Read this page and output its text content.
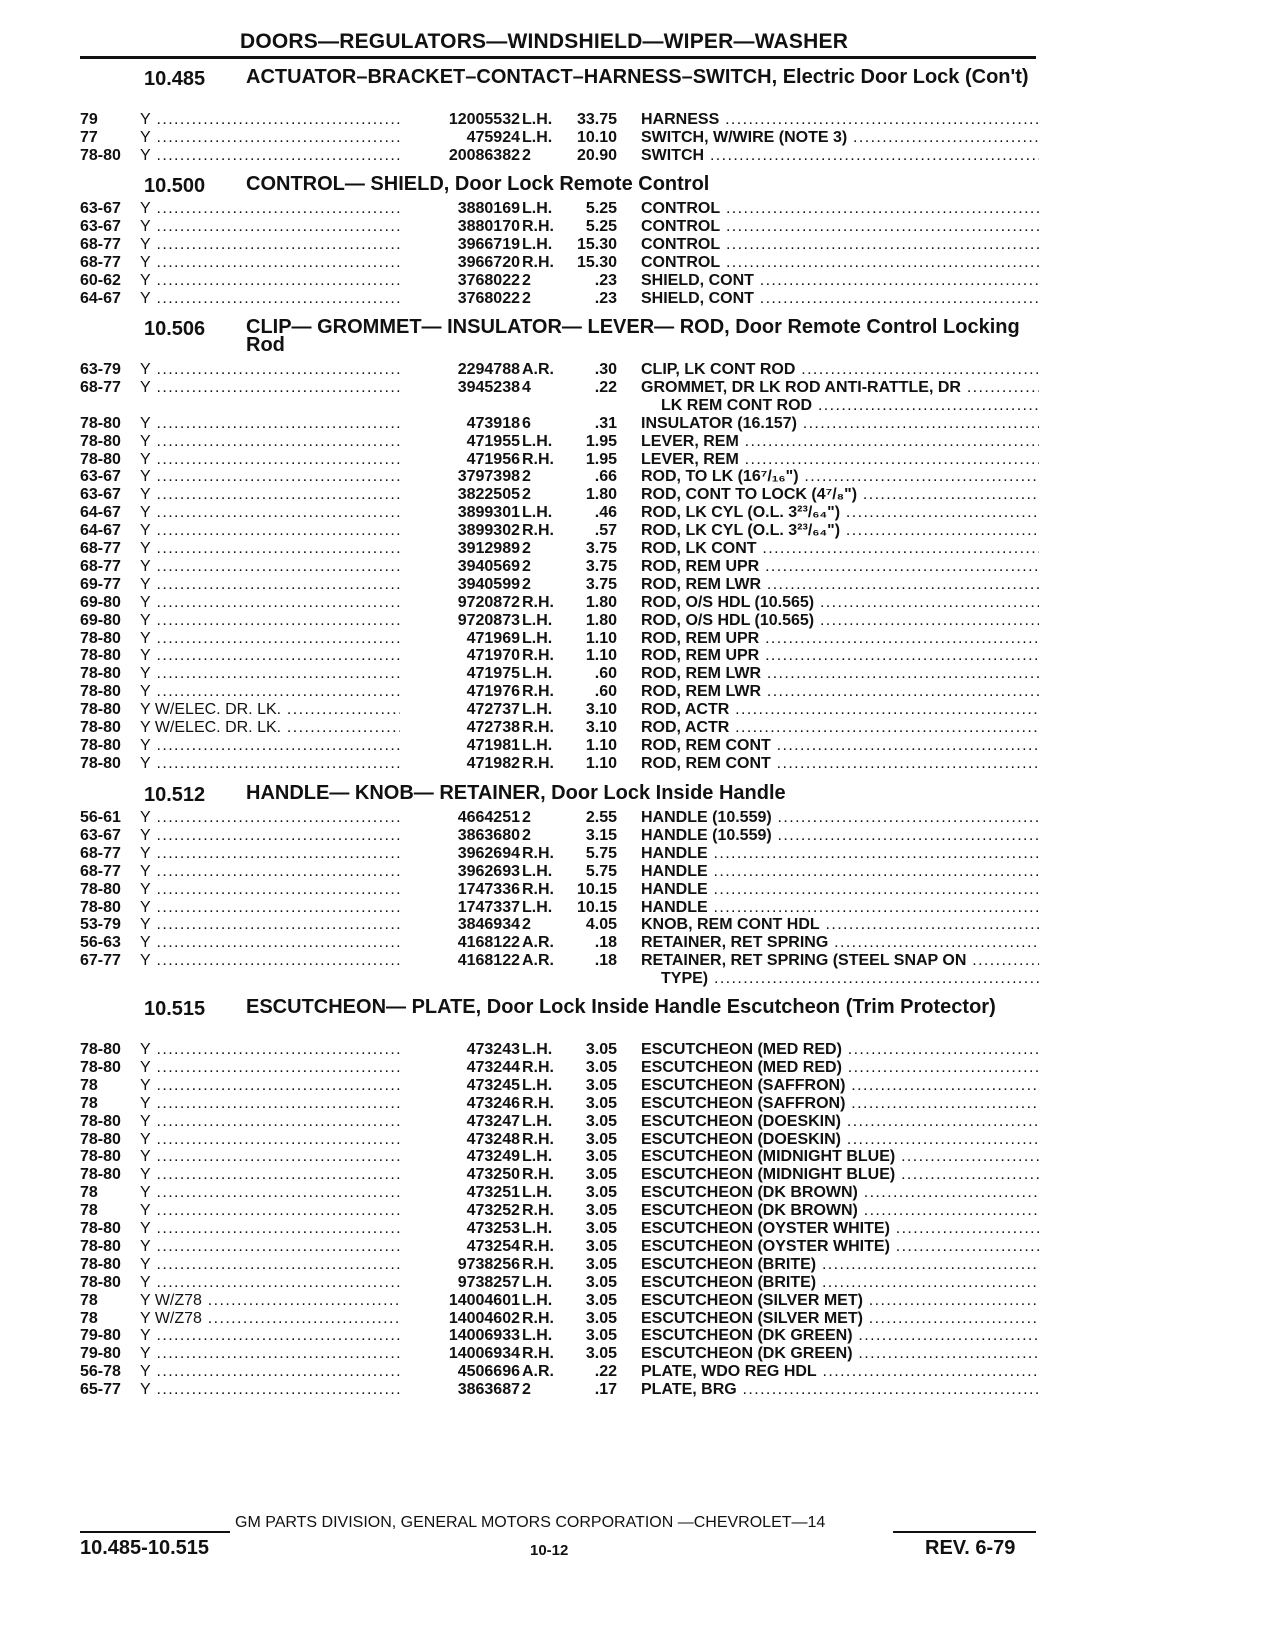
DOORS—REGULATORS—WINDSHIELD—WIPER—WASHER
10.485 ACTUATOR–BRACKET–CONTACT–HARNESS–SWITCH, Electric Door Lock (Con't)
79	Y .....	12005532 L.H. 33.75 HARNESS .....
77	Y .....	475924 L.H. 10.10 SWITCH, W/WIRE (NOTE 3) .....
78-80	Y .....	20086382 2	20.90 SWITCH .....
10.500 CONTROL— SHIELD, Door Lock Remote Control
63-67	Y .....	3880169 L.H. 5.25 CONTROL .....
63-67	Y .....	3880170 R.H. 5.25 CONTROL .....
68-77	Y .....	3966719 L.H. 15.30 CONTROL .....
68-77	Y .....	3966720 R.H. 15.30 CONTROL .....
60-62	Y .....	3768022 2	.23 SHIELD, CONT .....
64-67	Y .....	3768022 2	.23 SHIELD, CONT .....
10.506 CLIP— GROMMET— INSULATOR— LEVER— ROD, Door Remote Control Locking Rod
63-79	Y .....	2294788 A.R.	.30 CLIP, LK CONT ROD .....
68-77	Y .....	3945238 4	.22 GROMMET, DR LK ROD ANTI-RATTLE, DR .....
LK REM CONT ROD .....
78-80	Y .....	473918 6	.31 INSULATOR (16.157) .....
78-80	Y .....	471955 L.H. 1.95 LEVER, REM .....
78-80	Y .....	471956 R.H. 1.95 LEVER, REM .....
63-67	Y .....	3797398 2	.66 ROD, TO LK (16⁷/₁₆") .....
63-67	Y .....	3822505 2	1.80 ROD, CONT TO LOCK (4⁷/₈") .....
64-67	Y .....	3899301 L.H.	.46 ROD, LK CYL (O.L. 3²³/₆₄") .....
64-67	Y .....	3899302 R.H.	.57 ROD, LK CYL (O.L. 3²³/₆₄") .....
68-77	Y .....	3912989 2	3.75 ROD, LK CONT .....
68-77	Y .....	3940569 2	3.75 ROD, REM UPR .....
69-77	Y .....	3940599 2	3.75 ROD, REM LWR .....
69-80	Y .....	9720872 R.H. 1.80 ROD, O/S HDL (10.565) .....
69-80	Y .....	9720873 L.H. 1.80 ROD, O/S HDL (10.565) .....
78-80	Y .....	471969 L.H. 1.10 ROD, REM UPR .....
78-80	Y .....	471970 R.H. 1.10 ROD, REM UPR .....
78-80	Y .....	471975 L.H.	.60 ROD, REM LWR .....
78-80	Y .....	471976 R.H.	.60 ROD, REM LWR .....
78-80	Y W/ELEC. DR. LK. .....	472737 L.H. 3.10 ROD, ACTR .....
78-80	Y W/ELEC. DR. LK. .....	472738 R.H. 3.10 ROD, ACTR .....
78-80	Y .....	471981 L.H. 1.10 ROD, REM CONT .....
78-80	Y .....	471982 R.H. 1.10 ROD, REM CONT .....
10.512 HANDLE— KNOB— RETAINER, Door Lock Inside Handle
56-61	Y .....	4664251 2	2.55 HANDLE (10.559) .....
63-67	Y .....	3863680 2	3.15 HANDLE (10.559) .....
68-77	Y .....	3962694 R.H. 5.75 HANDLE .....
68-77	Y .....	3962693 L.H. 5.75 HANDLE .....
78-80	Y .....	1747336 R.H. 10.15 HANDLE .....
78-80	Y .....	1747337 L.H. 10.15 HANDLE .....
53-79	Y .....	3846934 2	4.05 KNOB, REM CONT HDL .....
56-63	Y .....	4168122 A.R.	.18 RETAINER, RET SPRING .....
67-77	Y .....	4168122 A.R.	.18 RETAINER, RET SPRING (STEEL SNAP ON .....
TYPE) .....
10.515 ESCUTCHEON— PLATE, Door Lock Inside Handle Escutcheon (Trim Protector)
78-80	Y .....	473243 L.H. 3.05 ESCUTCHEON (MED RED) .....
78-80	Y .....	473244 R.H. 3.05 ESCUTCHEON (MED RED) .....
78	Y .....	473245 L.H. 3.05 ESCUTCHEON (SAFFRON) .....
78	Y .....	473246 R.H. 3.05 ESCUTCHEON (SAFFRON) .....
78-80	Y .....	473247 L.H. 3.05 ESCUTCHEON (DOESKIN) .....
78-80	Y .....	473248 R.H. 3.05 ESCUTCHEON (DOESKIN) .....
78-80	Y .....	473249 L.H. 3.05 ESCUTCHEON (MIDNIGHT BLUE) .....
78-80	Y .....	473250 R.H. 3.05 ESCUTCHEON (MIDNIGHT BLUE) .....
78	Y .....	473251 L.H. 3.05 ESCUTCHEON (DK BROWN) .....
78	Y .....	473252 R.H. 3.05 ESCUTCHEON (DK BROWN) .....
78-80	Y .....	473253 L.H. 3.05 ESCUTCHEON (OYSTER WHITE) .....
78-80	Y .....	473254 R.H. 3.05 ESCUTCHEON (OYSTER WHITE) .....
78-80	Y .....	9738256 R.H. 3.05 ESCUTCHEON (BRITE) .....
78-80	Y .....	9738257 L.H. 3.05 ESCUTCHEON (BRITE) .....
78	Y W/Z78 .....	14004601 L.H. 3.05 ESCUTCHEON (SILVER MET) .....
78	Y W/Z78 .....	14004602 R.H. 3.05 ESCUTCHEON (SILVER MET) .....
79-80	Y .....	14006933 L.H. 3.05 ESCUTCHEON (DK GREEN) .....
79-80	Y .....	14006934 R.H. 3.05 ESCUTCHEON (DK GREEN) .....
56-78	Y .....	4506696 A.R.	.22 PLATE, WDO REG HDL .....
65-77	Y .....	3863687 2	.17 PLATE, BRG .....
GM PARTS DIVISION, GENERAL MOTORS CORPORATION —CHEVROLET—14
10.485-10.515	10-12	REV. 6-79
